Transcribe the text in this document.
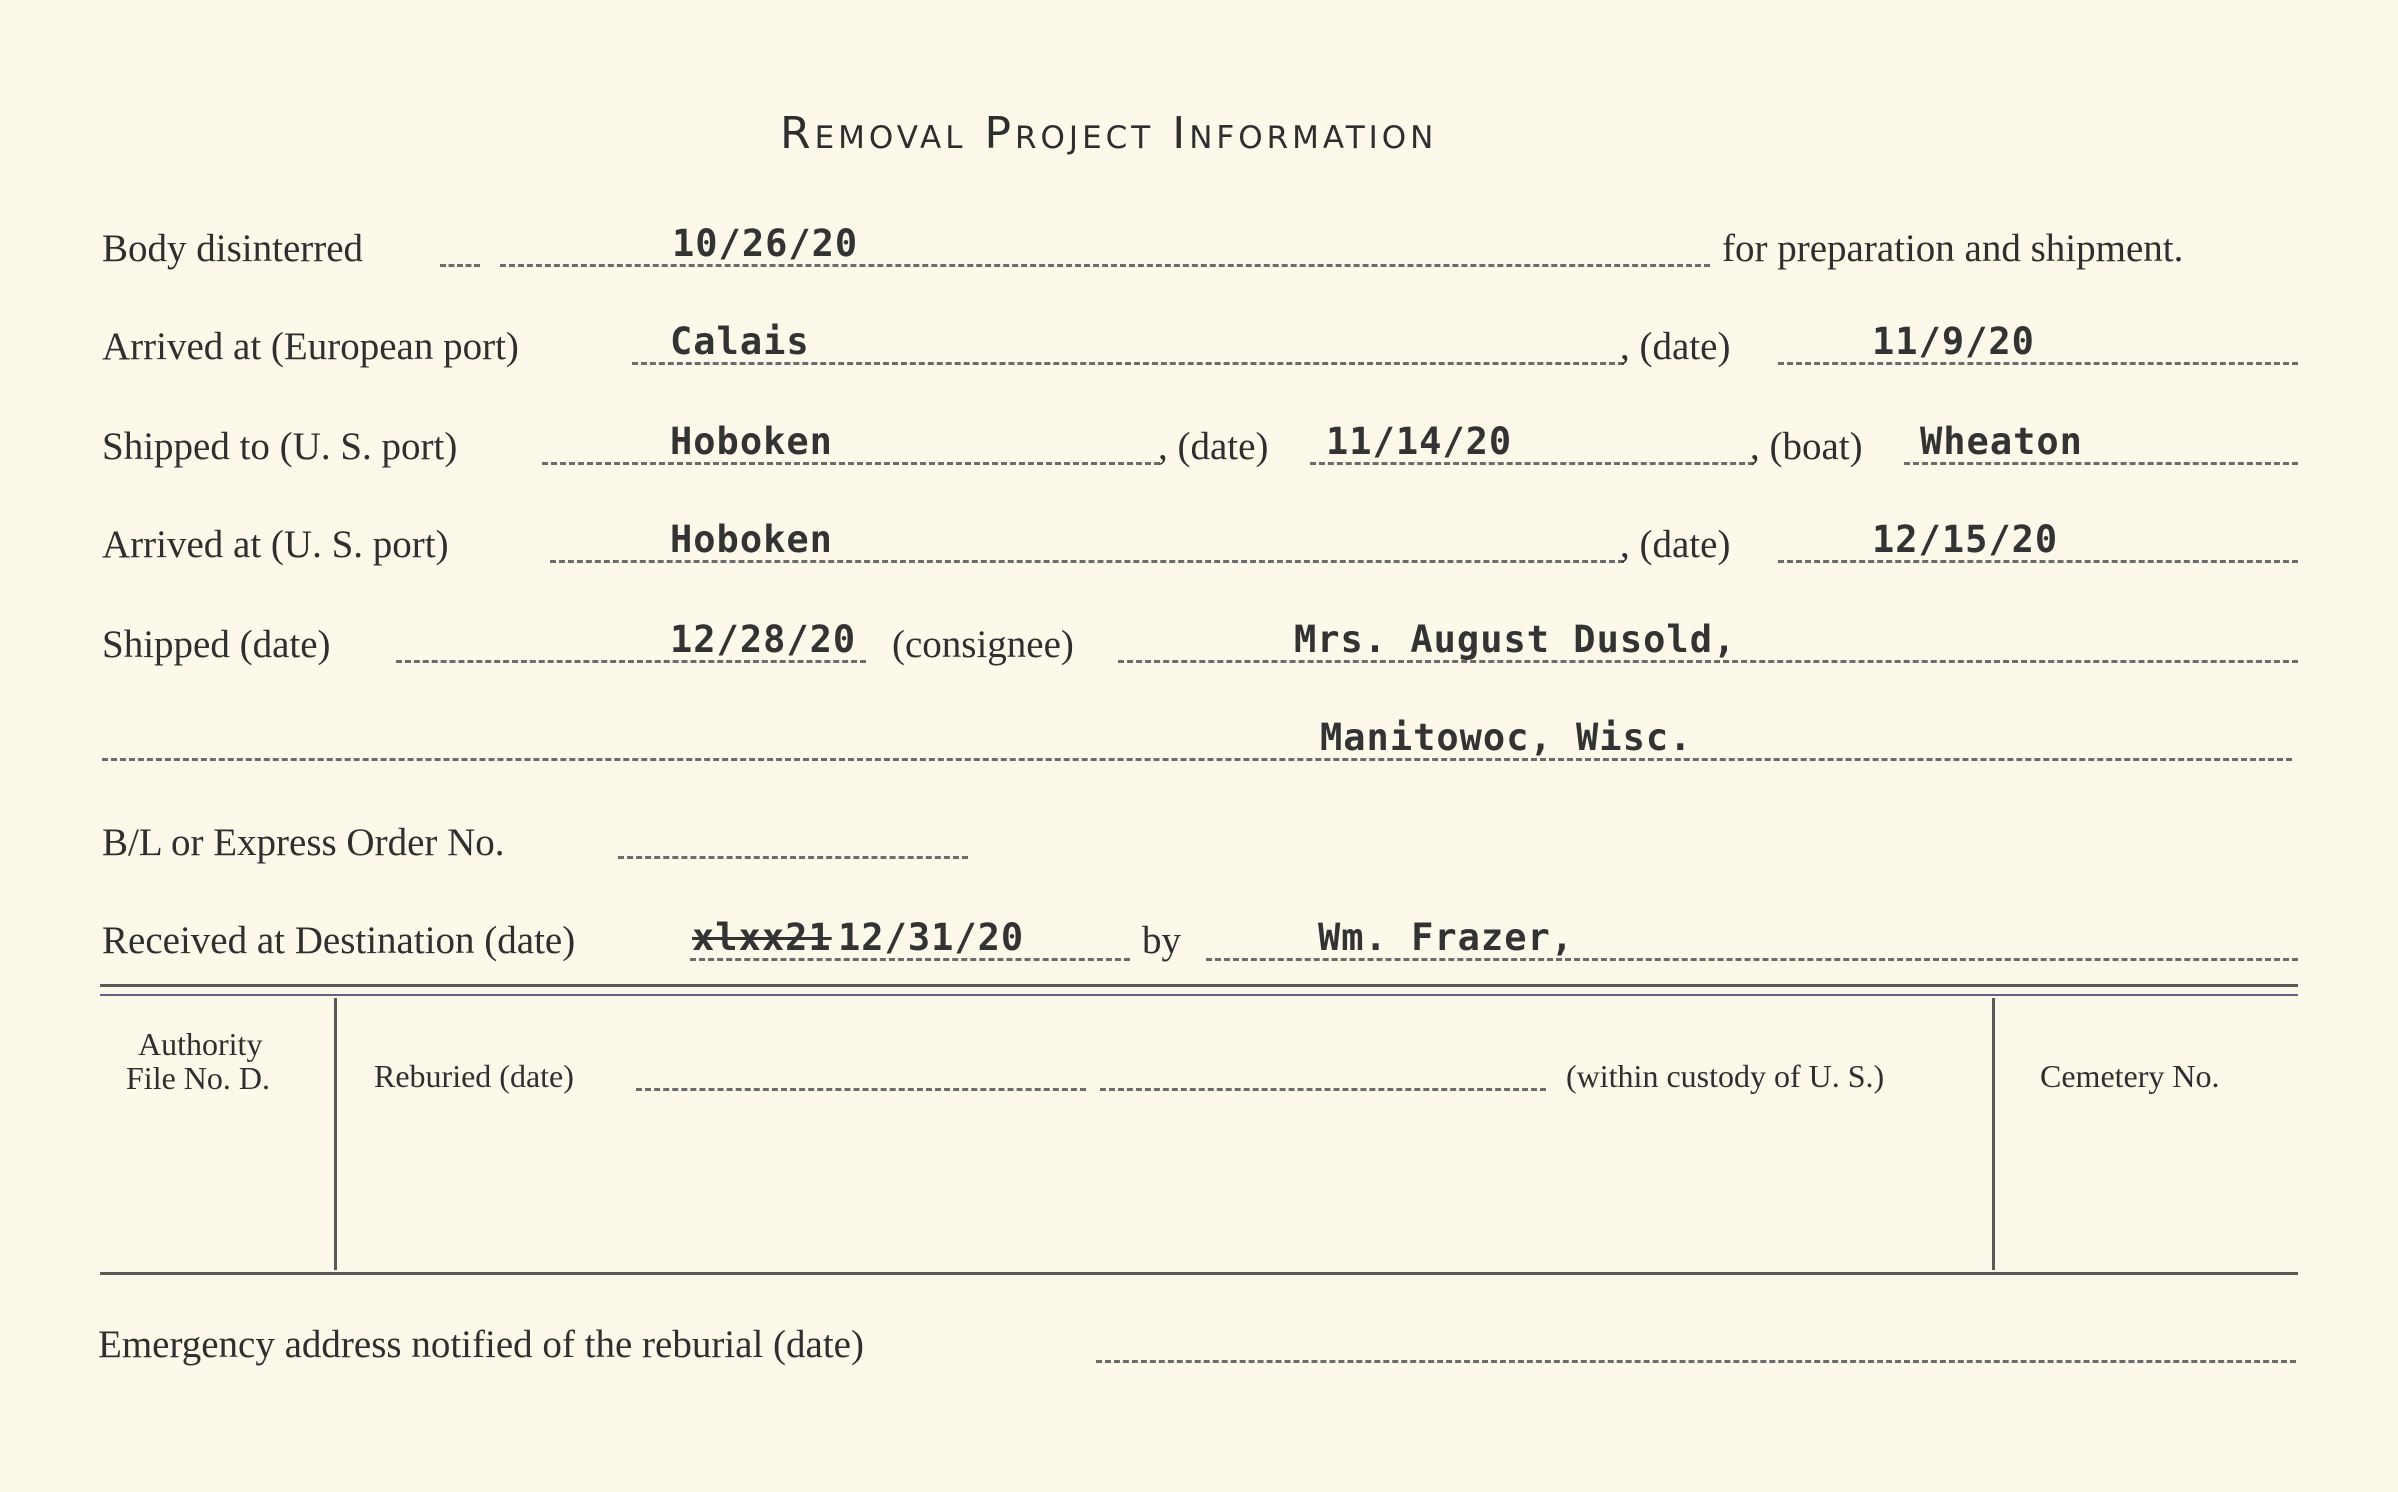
Removal Project Information
Body disinterred	10/26/20	for preparation and shipment.
Arrived at (European port)	Calais	, (date)	11/9/20
Shipped to (U. S. port)	Hoboken	, (date) 11/14/20	, (boat) Wheaton
Arrived at (U. S. port)	Hoboken	, (date)	12/15/20
Shipped (date)	12/28/20 (consignee)	Mrs. August Dusold,
Manitowoc, Wisc.
B/L or Express Order No.
Received at Destination (date)	xlxx21 12/31/20	by	Wm. Frazer,
Authority
File No. D.	Reburied (date)	(within custody of U. S.)	Cemetery No.
Emergency address notified of the reburial (date)
